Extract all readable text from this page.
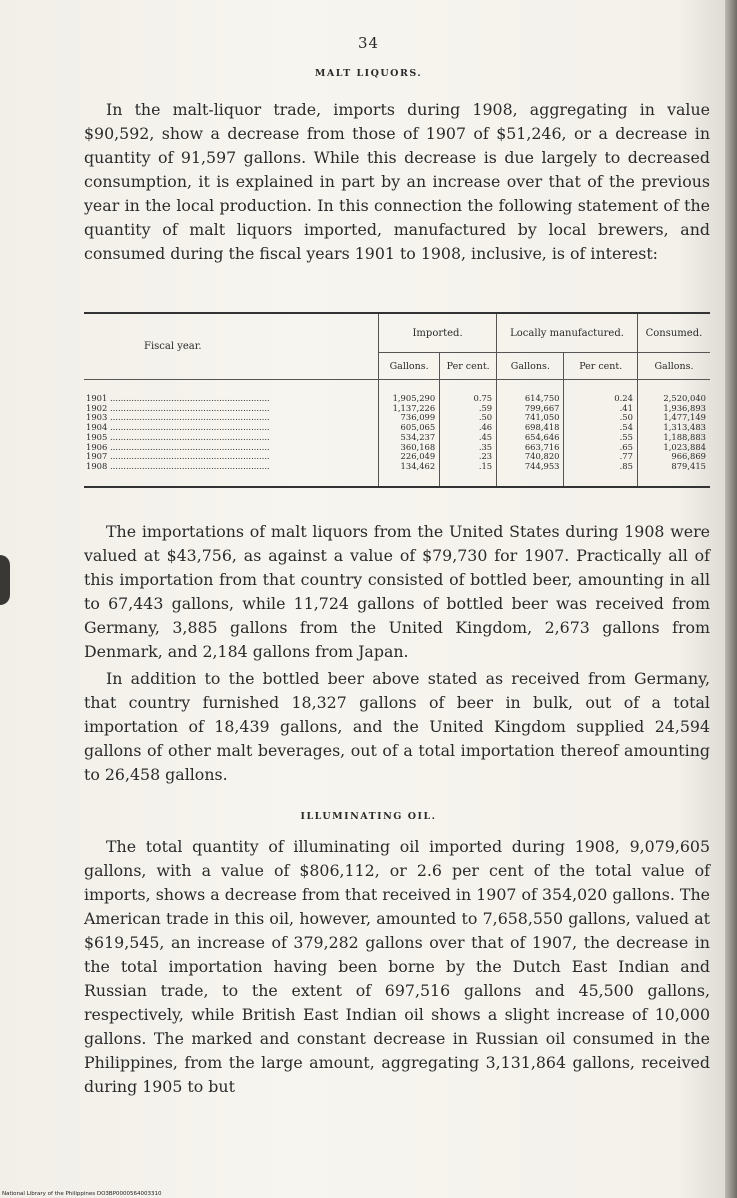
34
MALT LIQUORS.
In the malt-liquor trade, imports during 1908, aggregating in value $90,592, show a decrease from those of 1907 of $51,246, or a decrease in quantity of 91,597 gallons. While this decrease is due largely to decreased consumption, it is explained in part by an increase over that of the previous year in the local production. In this connection the following statement of the quantity of malt liquors imported, manufactured by local brewers, and consumed during the fiscal years 1901 to 1908, inclusive, is of interest:
Fiscal year.	Imported.		Locally manufactured.		Consumed.
	Gallons.	Per cent.	Gallons.	Per cent.	Gallons.
1901 ............................................................	1,905,290	0.75	614,750	0.24	2,520,040
1902 ............................................................	1,137,226	.59	799,667	.41	1,936,893
1903 ............................................................	736,099	.50	741,050	.50	1,477,149
1904 ............................................................	605,065	.46	698,418	.54	1,313,483
1905 ............................................................	534,237	.45	654,646	.55	1,188,883
1906 ............................................................	360,168	.35	663,716	.65	1,023,884
1907 ............................................................	226,049	.23	740,820	.77	966,869
1908 ............................................................	134,462	.15	744,953	.85	879,415
The importations of malt liquors from the United States during 1908 were valued at $43,756, as against a value of $79,730 for 1907. Practically all of this importation from that country consisted of bottled beer, amounting in all to 67,443 gallons, while 11,724 gallons of bottled beer was received from Germany, 3,885 gallons from the United Kingdom, 2,673 gallons from Denmark, and 2,184 gallons from Japan.
In addition to the bottled beer above stated as received from Germany, that country furnished 18,327 gallons of beer in bulk, out of a total importation of 18,439 gallons, and the United Kingdom supplied 24,594 gallons of other malt beverages, out of a total importation thereof amounting to 26,458 gallons.
ILLUMINATING OIL.
The total quantity of illuminating oil imported during 1908, 9,079,605 gallons, with a value of $806,112, or 2.6 per cent of the total value of imports, shows a decrease from that received in 1907 of 354,020 gallons. The American trade in this oil, however, amounted to 7,658,550 gallons, valued at $619,545, an increase of 379,282 gallons over that of 1907, the decrease in the total importation having been borne by the Dutch East Indian and Russian trade, to the extent of 697,516 gallons and 45,500 gallons, respectively, while British East Indian oil shows a slight increase of 10,000 gallons. The marked and constant decrease in Russian oil consumed in the Philippines, from the large amount, aggregating 3,131,864 gallons, received during 1905 to but
National Library of the Philippines DO3BP0000564003310
